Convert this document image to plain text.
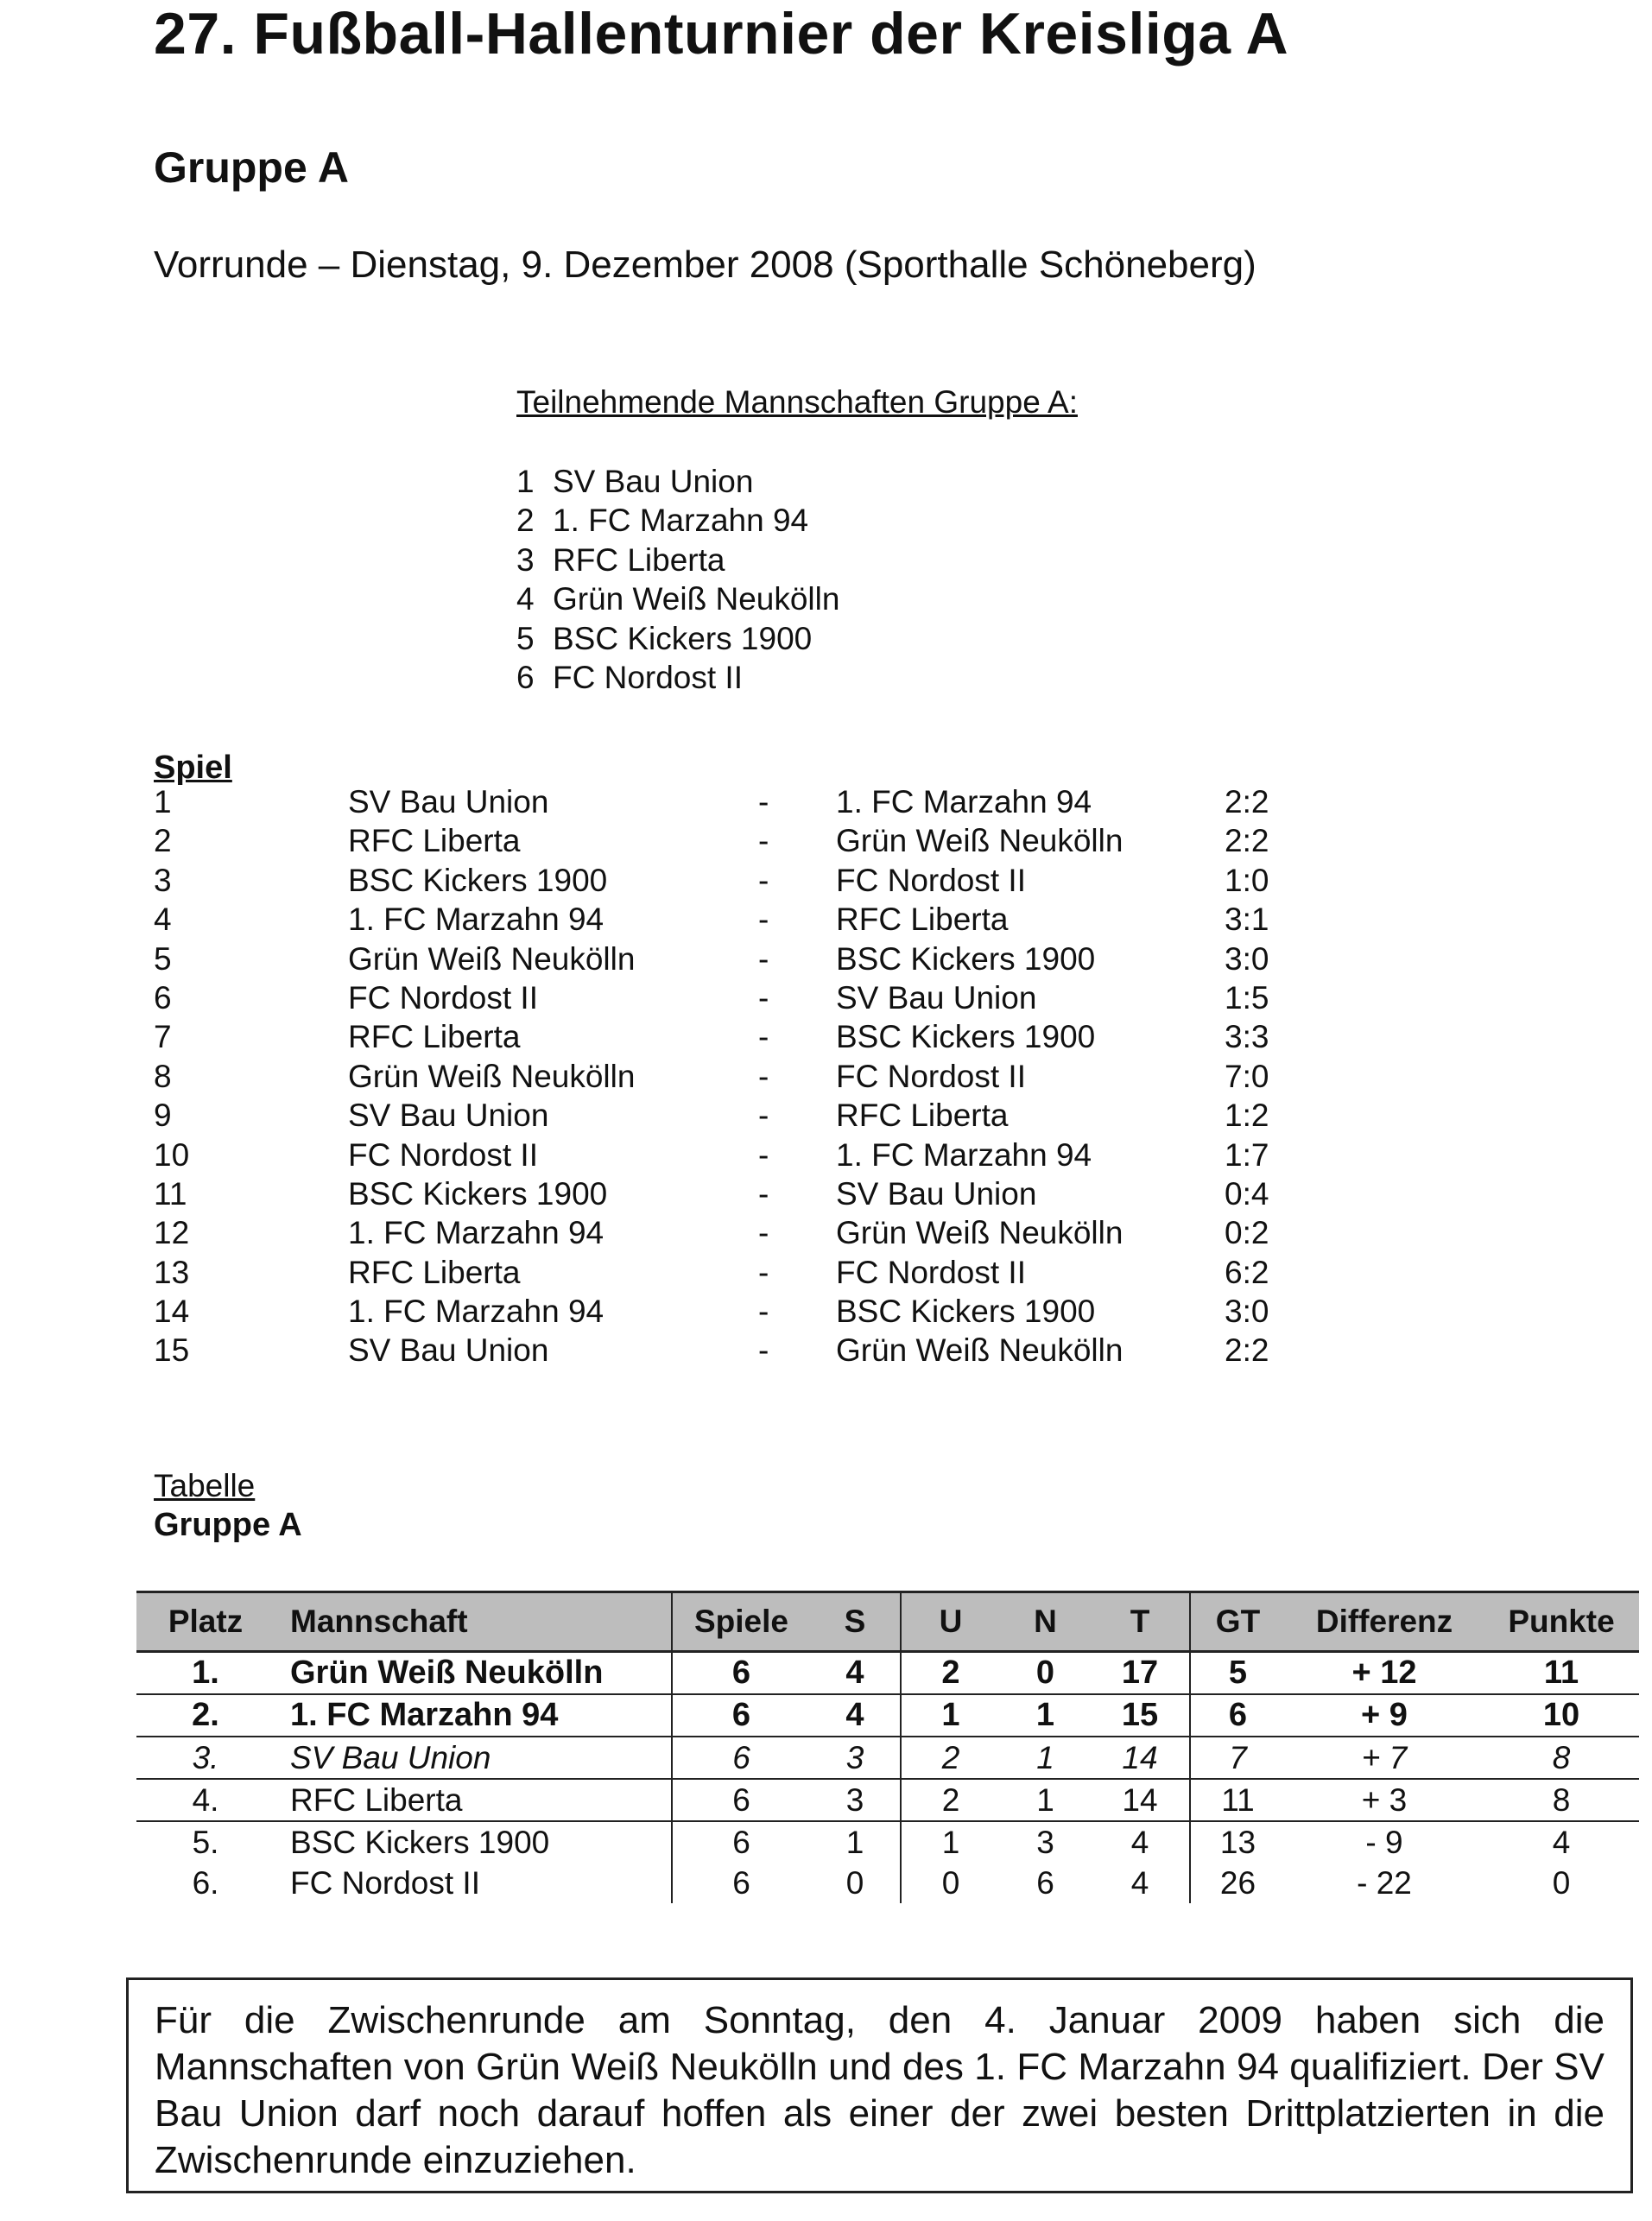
27. Fußball-Hallenturnier der Kreisliga A
Gruppe A
Vorrunde – Dienstag, 9. Dezember 2008 (Sporthalle Schöneberg)
Teilnehmende Mannschaften Gruppe A:
1 SV Bau Union
2 1. FC Marzahn 94
3 RFC Liberta
4 Grün Weiß Neukölln
5 BSC Kickers 1900
6 FC Nordost II
Spiel
1	SV Bau Union	- 1. FC Marzahn 94	2:2
2	RFC Liberta	- Grün Weiß Neukölln	2:2
3	BSC Kickers 1900	- FC Nordost II	1:0
4	1. FC Marzahn 94	- RFC Liberta	3:1
5	Grün Weiß Neukölln	- BSC Kickers 1900	3:0
6	FC Nordost II	- SV Bau Union	1:5
7	RFC Liberta	- BSC Kickers 1900	3:3
8	Grün Weiß Neukölln	- FC Nordost II	7:0
9	SV Bau Union	- RFC Liberta	1:2
10	FC Nordost II	- 1. FC Marzahn 94	1:7
11	BSC Kickers 1900	- SV Bau Union	0:4
12	1. FC Marzahn 94	- Grün Weiß Neukölln	0:2
13	RFC Liberta	- FC Nordost II	6:2
14	1. FC Marzahn 94	- BSC Kickers 1900	3:0
15	SV Bau Union	- Grün Weiß Neukölln	2:2
Tabelle
Gruppe A
Platz	Mannschaft	Spiele	S	U	N	T	GT	Differenz	Punkte
1.	Grün Weiß Neukölln	6	4	2	0	17	5	+ 12	11
2.	1. FC Marzahn 94	6	4	1	1	15	6	+ 9	10
3.	SV Bau Union	6	3	2	1	14	7	+ 7	8
4.	RFC Liberta	6	3	2	1	14	11	+ 3	8
5.	BSC Kickers 1900	6	1	1	3	4	13	- 9	4
6.	FC Nordost II	6	0	0	6	4	26	- 22	0
Für die Zwischenrunde am Sonntag, den 4. Januar 2009 haben sich die Mannschaften von Grün Weiß Neukölln und des 1. FC Marzahn 94 qualifiziert. Der SV Bau Union darf noch darauf hoffen als einer der zwei besten Drittplatzierten in die Zwischenrunde einzuziehen.
